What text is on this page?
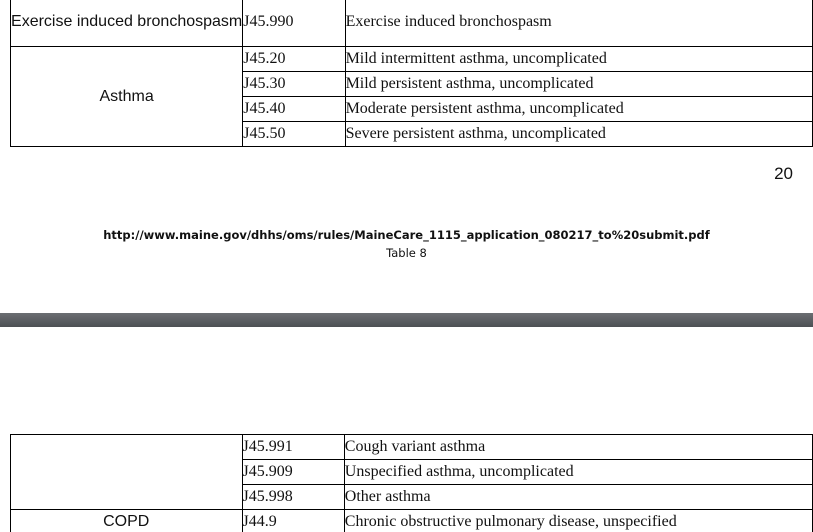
Exercise induced bronchospasm	J45.990	Exercise induced bronchospasm
Asthma	J45.20	Mild intermittent asthma, uncomplicated
	J45.30	Mild persistent asthma, uncomplicated
	J45.40	Moderate persistent asthma, uncomplicated
	J45.50	Severe persistent asthma, uncomplicated
20
http://www.maine.gov/dhhs/oms/rules/MaineCare_1115_application_080217_to%20submit.pdf
Table 8
	J45.991	Cough variant asthma
	J45.909	Unspecified asthma, uncomplicated
	J45.998	Other asthma
COPD	J44.9	Chronic obstructive pulmonary disease, unspecified
